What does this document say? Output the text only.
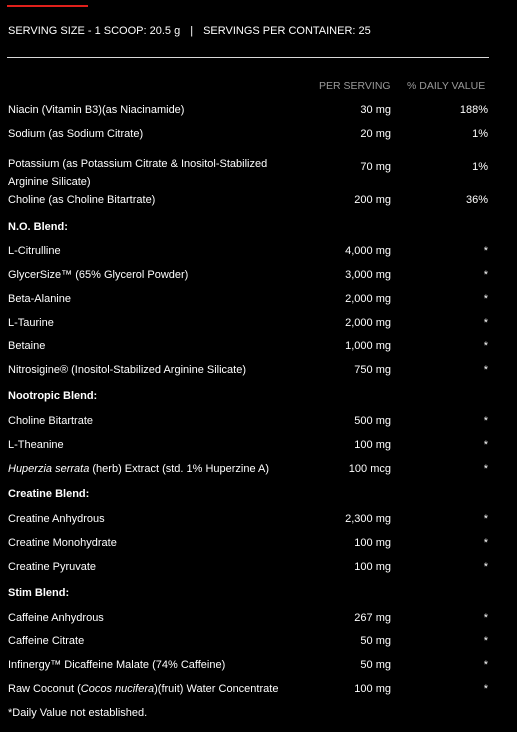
SERVING SIZE - 1 SCOOP: 20.5 g | SERVINGS PER CONTAINER: 25
PER SERVING % DAILY VALUE
Niacin (Vitamin B3)(as Niacinamide)	30 mg	188%
Sodium (as Sodium Citrate)	20 mg	1%
Potassium (as Potassium Citrate & Inositol-Stabilized Arginine Silicate)
70 mg	1%
Choline (as Choline Bitartrate)	200 mg	36%
N.O. Blend:
L-Citrulline	4,000 mg	*
GlycerSize™ (65% Glycerol Powder)	3,000 mg	*
Beta-Alanine	2,000 mg	*
L-Taurine	2,000 mg	*
Betaine	1,000 mg	*
Nitrosigine® (Inositol-Stabilized Arginine Silicate)	750 mg	*
Nootropic Blend:
Choline Bitartrate	500 mg	*
L-Theanine	100 mg	*
Huperzia serrata (herb) Extract (std. 1% Huperzine A)	100 mcg	*
Creatine Blend:
Creatine Anhydrous	2,300 mg	*
Creatine Monohydrate	100 mg	*
Creatine Pyruvate	100 mg	*
Stim Blend:
Caffeine Anhydrous	267 mg	*
Caffeine Citrate	50 mg	*
Infinergy™ Dicaffeine Malate (74% Caffeine)	50 mg	*
Raw Coconut (Cocos nucifera)(fruit) Water Concentrate	100 mg	*
*Daily Value not established.
